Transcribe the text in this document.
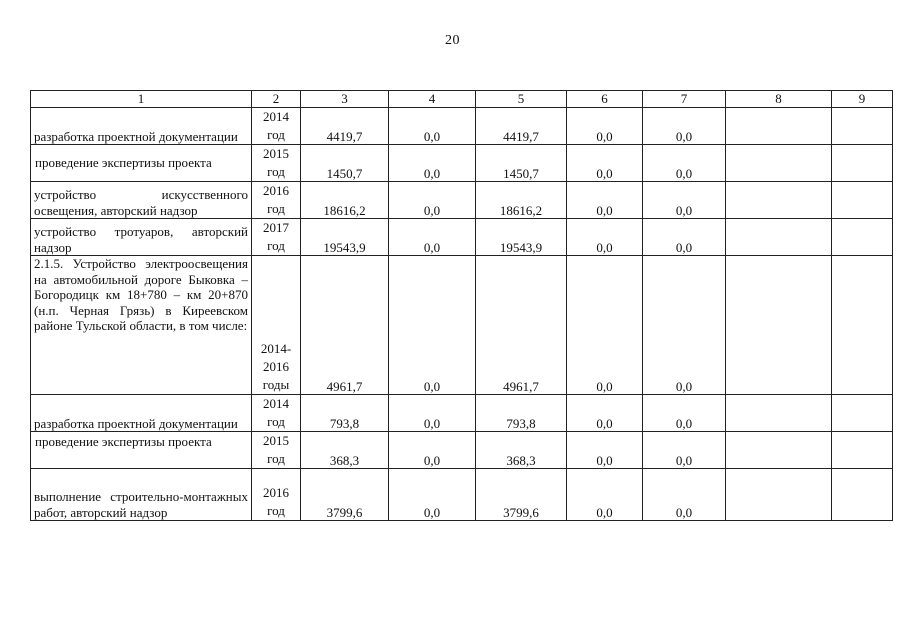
20
1	2	3	4	5	6	7	8	9
разработка проектной документации	2014 год	4419,7	0,0	4419,7	0,0	0,0		
проведение экспертизы проекта	2015 год	1450,7	0,0	1450,7	0,0	0,0		
устройство искусственного освещения, авторский надзор	2016 год	18616,2	0,0	18616,2	0,0	0,0		
устройство тротуаров, авторский надзор	2017 год	19543,9	0,0	19543,9	0,0	0,0		
2.1.5. Устройство электроосвещения на автомобильной дороге Быковка – Богородицк км 18+780 – км 20+870 (н.п. Черная Грязь) в Киреевском районе Тульской области, в том числе:	2014-2016 годы	4961,7	0,0	4961,7	0,0	0,0		
разработка проектной документации	2014 год	793,8	0,0	793,8	0,0	0,0		
проведение экспертизы проекта	2015 год	368,3	0,0	368,3	0,0	0,0		
выполнение строительно-монтажных работ, авторский надзор	2016 год	3799,6	0,0	3799,6	0,0	0,0		
